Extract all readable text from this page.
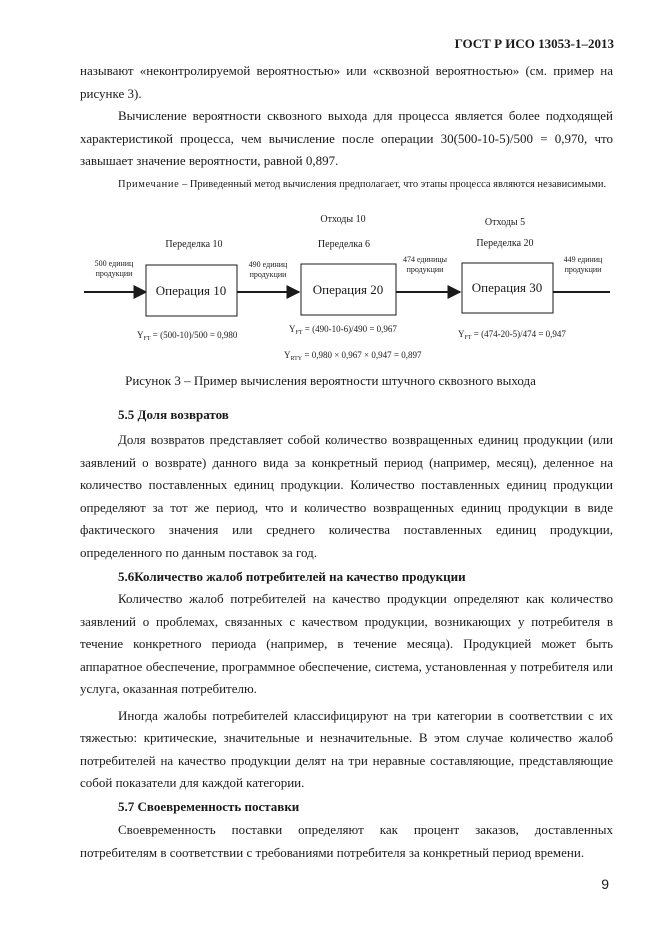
ГОСТ Р ИСО 13053-1–2013

называют «неконтролируемой вероятностью» или «сквозной вероятностью» (см. пример на рисунке 3).

Вычисление вероятности сквозного выхода для процесса является более подходящей характеристикой процесса, чем вычисление после операции 30(500-10-5)/500 = 0,970, что завышает значение вероятности, равной 0,897.

Примечание – Приведенный метод вычисления предполагает, что этапы процесса являются независимыми.
Операция 10	Операция 20	Операция 30
Переделка 10
Отходы 10
Переделка 6
Отходы 5
Переделка 20
500 единиц
продукции
490 единиц
продукции
474 единицы
продукции
449 единиц
продукции
$Y_{FT} = (500-10)/500 = 0,980$
$Y_{FT} = (490-10-6)/490 = 0,967$	$Y_{FT} = (474-20-5)/474 = 0,947$
$Y_{RTY} = 0,980 \times 0,967 \times 0,947 = 0,897$
Рисунок 3 – Пример вычисления вероятности штучного сквозного выхода
5.5 Доля возвратов

Доля возвратов представляет собой количество возвращенных единиц продукции (или заявлений о возврате) данного вида за конкретный период (например, месяц), деленное на количество поставленных единиц продукции. Количество поставленных единиц продукции определяют за тот же период, что и количество возвращенных единиц продукции в виде фактического значения или среднего количества поставленных единиц продукции, определенного по данным поставок за год.

5.6Количество жалоб потребителей на качество продукции

Количество жалоб потребителей на качество продукции определяют как количество заявлений о проблемах, связанных с качеством продукции, возникающих у потребителя в течение конкретного периода (например, в течение месяца). Продукцией может быть аппаратное обеспечение, программное обеспечение, система, установленная у потребителя или услуга, оказанная потребителю.

Иногда жалобы потребителей классифицируют на три категории в соответствии с их тяжестью: критические, значительные и незначительные. В этом случае количество жалоб потребителей на качество продукции делят на три неравные составляющие, представляющие собой показатели для каждой категории.

5.7 Своевременность поставки

Своевременность поставки определяют как процент заказов, доставленных потребителям в соответствии с требованиями потребителя за конкретный период времени.

9
